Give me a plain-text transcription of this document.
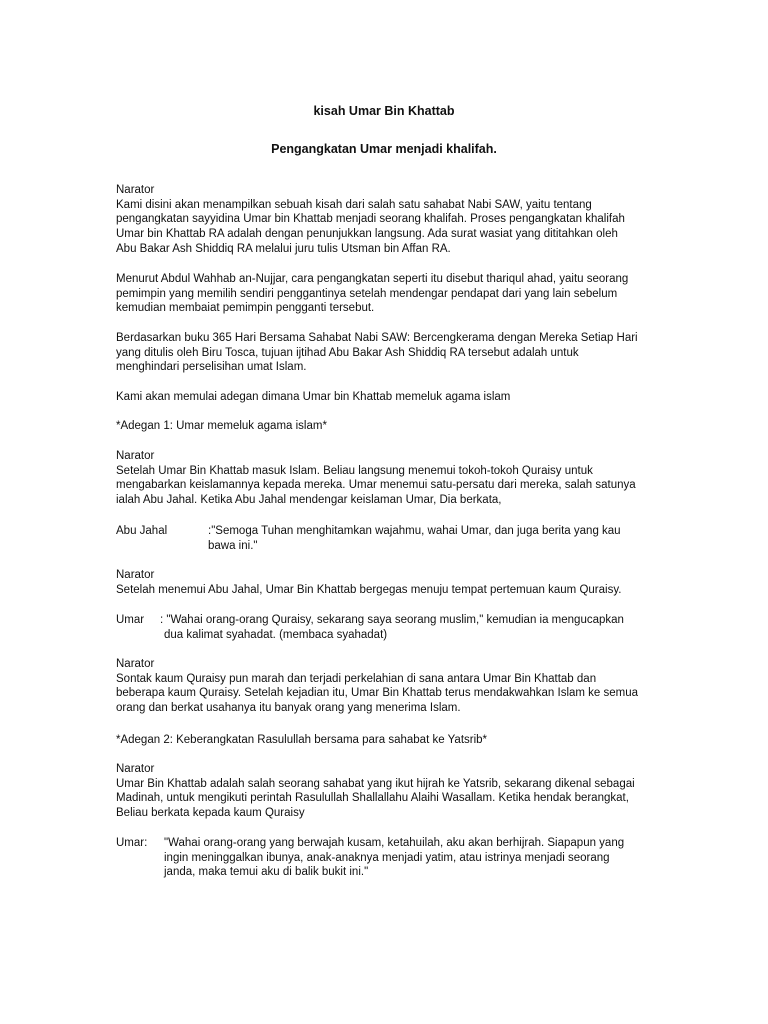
kisah Umar Bin Khattab
Pengangkatan Umar menjadi khalifah.
Narator
Kami disini akan menampilkan sebuah kisah dari salah satu sahabat Nabi SAW, yaitu tentang
pengangkatan sayyidina Umar bin Khattab menjadi seorang khalifah. Proses pengangkatan khalifah
Umar bin Khattab RA adalah dengan penunjukkan langsung. Ada surat wasiat yang dititahkan oleh
Abu Bakar Ash Shiddiq RA melalui juru tulis Utsman bin Affan RA.
Menurut Abdul Wahhab an-Nujjar, cara pengangkatan seperti itu disebut thariqul ahad, yaitu seorang
pemimpin yang memilih sendiri penggantinya setelah mendengar pendapat dari yang lain sebelum
kemudian membaiat pemimpin pengganti tersebut.
Berdasarkan buku 365 Hari Bersama Sahabat Nabi SAW: Bercengkerama dengan Mereka Setiap Hari
yang ditulis oleh Biru Tosca, tujuan ijtihad Abu Bakar Ash Shiddiq RA tersebut adalah untuk
menghindari perselisihan umat Islam.
Kami akan memulai adegan dimana Umar bin Khattab memeluk agama islam
*Adegan 1: Umar memeluk agama islam*
Narator
Setelah Umar Bin Khattab masuk Islam. Beliau langsung menemui tokoh-tokoh Quraisy untuk
mengabarkan keislamannya kepada mereka. Umar menemui satu-persatu dari mereka, salah satunya
ialah Abu Jahal. Ketika Abu Jahal mendengar keislaman Umar, Dia berkata,
Abu Jahal	:"Semoga Tuhan menghitamkan wajahmu, wahai Umar, dan juga berita yang kau
bawa ini."
Narator
Setelah menemui Abu Jahal, Umar Bin Khattab bergegas menuju tempat pertemuan kaum Quraisy.
Umar : "Wahai orang-orang Quraisy, sekarang saya seorang muslim," kemudian ia mengucapkan
dua kalimat syahadat. (membaca syahadat)
Narator
Sontak kaum Quraisy pun marah dan terjadi perkelahian di sana antara Umar Bin Khattab dan
beberapa kaum Quraisy. Setelah kejadian itu, Umar Bin Khattab terus mendakwahkan Islam ke semua
orang dan berkat usahanya itu banyak orang yang menerima Islam.
*Adegan 2: Keberangkatan Rasulullah bersama para sahabat ke Yatsrib*
Narator
Umar Bin Khattab adalah salah seorang sahabat yang ikut hijrah ke Yatsrib, sekarang dikenal sebagai
Madinah, untuk mengikuti perintah Rasulullah Shallallahu Alaihi Wasallam. Ketika hendak berangkat,
Beliau berkata kepada kaum Quraisy
Umar: "Wahai orang-orang yang berwajah kusam, ketahuilah, aku akan berhijrah. Siapapun yang
ingin meninggalkan ibunya, anak-anaknya menjadi yatim, atau istrinya menjadi seorang
janda, maka temui aku di balik bukit ini."
